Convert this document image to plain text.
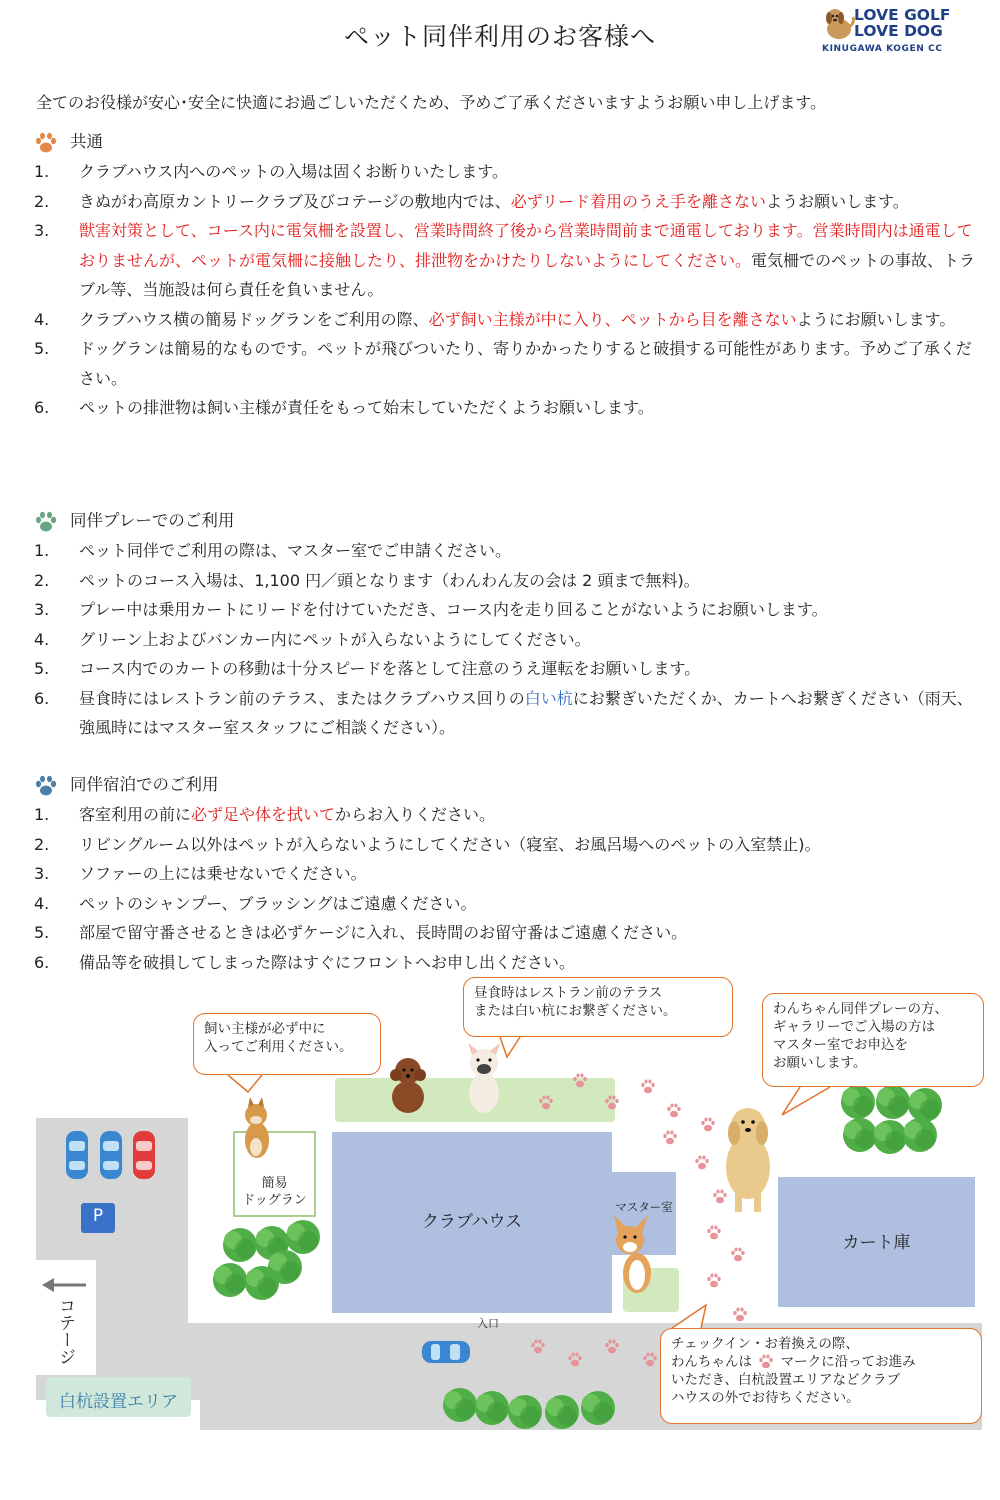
ペット同伴利用のお客様へ
LOVE GOLF
LOVE DOG
KINUGAWA KOGEN CC
全てのお役様が安心･安全に快適にお過ごしいただくため、予めご了承くださいますようお願い申し上げます。
共通
1.	クラブハウス内へのペットの入場は固くお断りいたします。
2.	きぬがわ高原カントリークラブ及びコテージの敷地内では、必ずリード着用のうえ手を離さないようお願いします。
3.	獣害対策として、コース内に電気柵を設置し、営業時間終了後から営業時間前まで通電しております。営業時間内は通電しておりませんが、ペットが電気柵に接触したり、排泄物をかけたりしないようにしてください。電気柵でのペットの事故、トラブル等、当施設は何ら責任を負いません。
4.	クラブハウス横の簡易ドッグランをご利用の際、必ず飼い主様が中に入り、ペットから目を離さないようにお願いします。
5.	ドッグランは簡易的なものです。ペットが飛びついたり、寄りかかったりすると破損する可能性があります。予めご了承ください。
6.	ペットの排泄物は飼い主様が責任をもって始末していただくようお願いします。
同伴プレーでのご利用
1.	ペット同伴でご利用の際は、マスター室でご申請ください。
2.	ペットのコース入場は、1,100 円／頭となります（わんわん友の会は 2 頭まで無料)。
3.	プレー中は乗用カートにリードを付けていただき、コース内を走り回ることがないようにお願いします。
4.	グリーン上およびバンカー内にペットが入らないようにしてください。
5.	コース内でのカートの移動は十分スピードを落として注意のうえ運転をお願いします。
6.	昼食時にはレストラン前のテラス、またはクラブハウス回りの白い杭にお繋ぎいただくか、カートへお繋ぎください（雨天、強風時にはマスター室スタッフにご相談ください）。
同伴宿泊でのご利用
1.	客室利用の前に必ず足や体を拭いてからお入りください。
2.	リビングルーム以外はペットが入らないようにしてください（寝室、お風呂場へのペットの入室禁止)。
3.	ソファーの上には乗せないでください。
4.	ペットのシャンプー、ブラッシングはご遠慮ください。
5.	部屋で留守番させるときは必ずケージに入れ、長時間のお留守番はご遠慮ください。
6.	備品等を破損してしまった際はすぐにフロントへお申し出ください。
飼い主様が必ず中に
入ってご利用ください。
昼食時はレストラン前のテラス
または白い杭にお繋ぎください。	わんちゃん同伴プレーの方、
ギャラリーでご入場の方は
マスター室でお申込を
お願いします。
チェックイン・お着換えの際、
わんちゃんは マークに沿ってお進み
いただき、白杭設置エリアなどクラブ
ハウスの外でお待ちください。
簡易
ドッグラン
クラブハウス
マスター室
カート庫
入口
P
コテージ
白杭設置エリア
